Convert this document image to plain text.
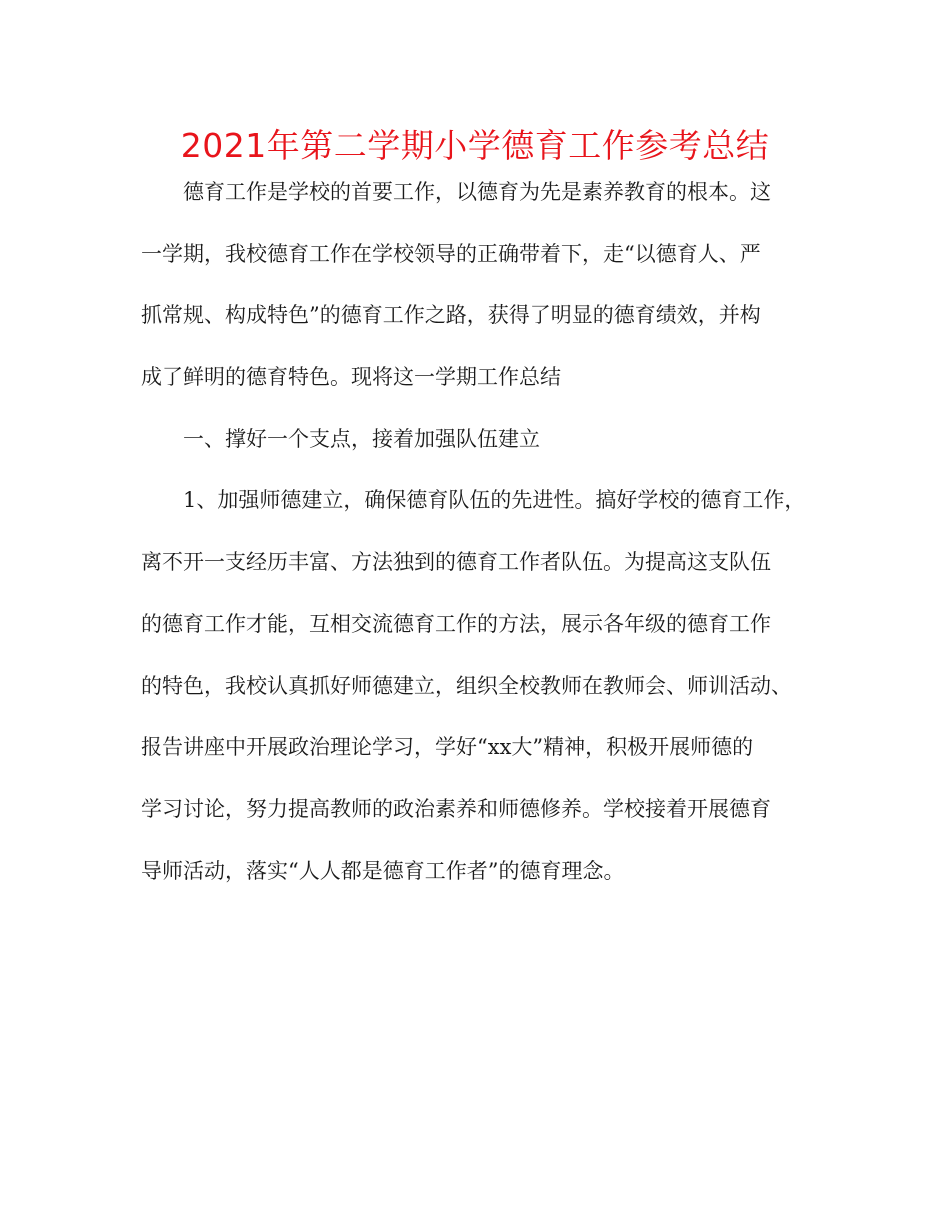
2021年第二学期小学德育工作参考总结
德育工作是学校的首要工作，以德育为先是素养教育的根本。这
一学期，我校德育工作在学校领导的正确带着下，走“以德育人、严
抓常规、构成特色”的德育工作之路，获得了明显的德育绩效，并构
成了鲜明的德育特色。现将这一学期工作总结
一、撑好一个支点，接着加强队伍建立
1、加强师德建立，确保德育队伍的先进性。搞好学校的德育工作，
离不开一支经历丰富、方法独到的德育工作者队伍。为提高这支队伍
的德育工作才能，互相交流德育工作的方法，展示各年级的德育工作
的特色，我校认真抓好师德建立，组织全校教师在教师会、师训活动、
报告讲座中开展政治理论学习，学好“xx大”精神，积极开展师德的
学习讨论，努力提高教师的政治素养和师德修养。学校接着开展德育
导师活动，落实“人人都是德育工作者”的德育理念。
